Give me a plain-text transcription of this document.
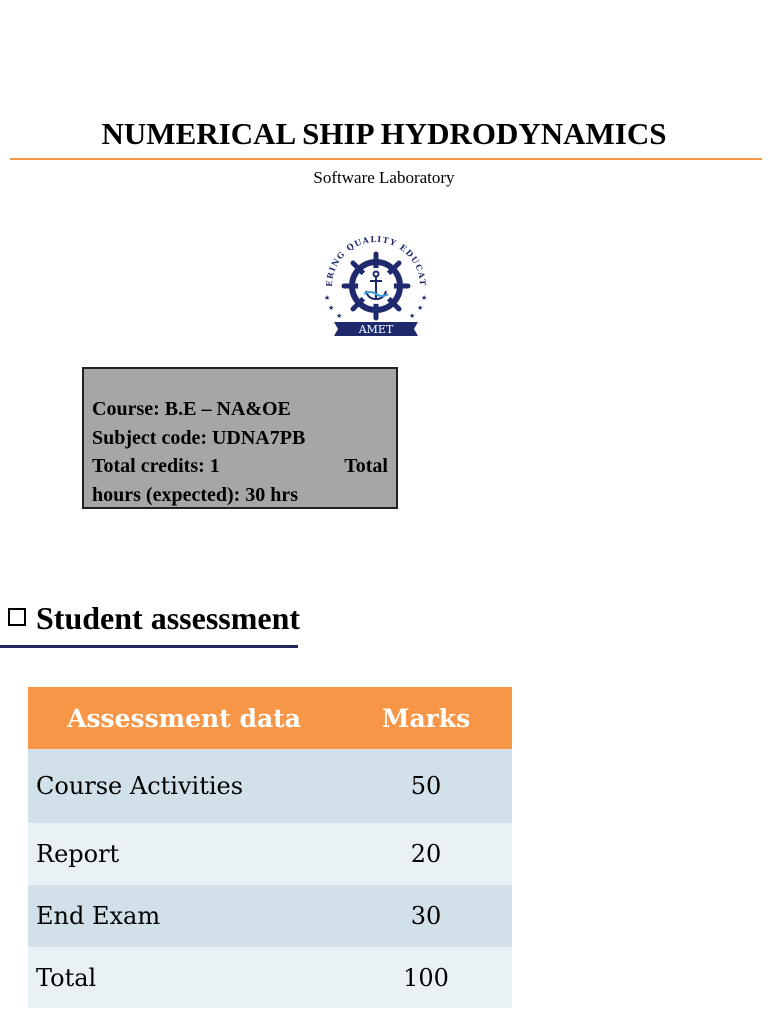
NUMERICAL SHIP HYDRODYNAMICS
Software Laboratory
ERING QUALITY EDUCAT
★
★
★
★
★
★
AMET
Course: B.E – NA&OE
Subject code: UDNA7PB
Total credits: 1	Total
hours (expected): 30 hrs
Student assessment
Assessment data	Marks
Course Activities	50
Report	20
End Exam	30
Total	100
